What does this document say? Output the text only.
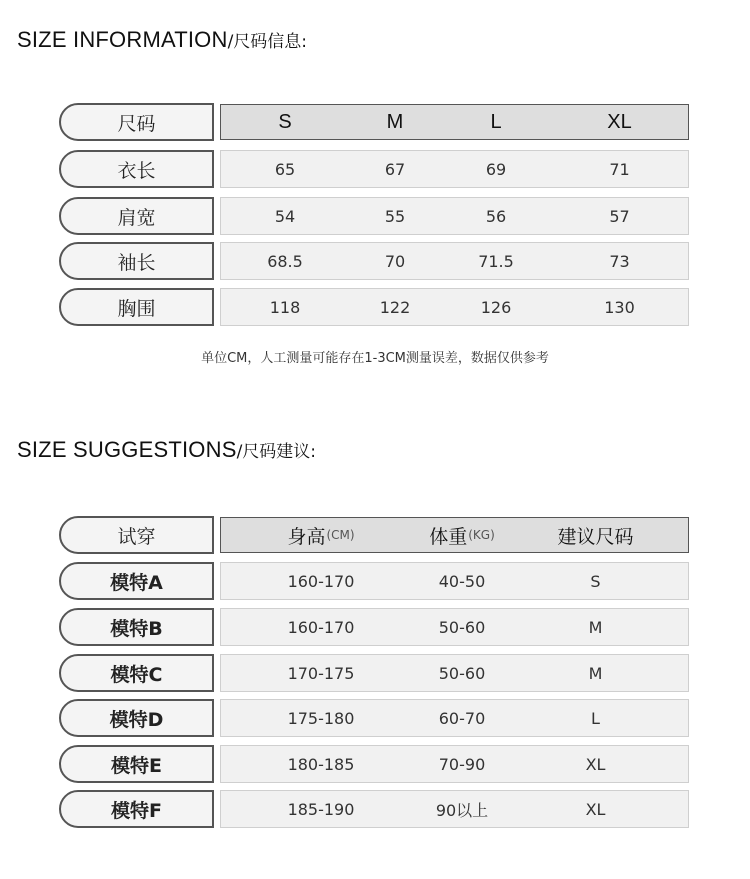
SIZE INFORMATION/尺码信息:
尺码	S	M	L	XL
衣长	65	67	69	71
肩宽	54	55	56	57
袖长	68.5	70	71.5	73
胸围	118	122	126	130
单位CM，人工测量可能存在1-3CM测量误差，数据仅供参考
SIZE SUGGESTIONS/尺码建议:
试穿	身高 (CM)	体重 (KG)	建议尺码
模特A	160-170	40-50	S
模特B	160-170	50-60	M
模特C	170-175	50-60	M
模特D	175-180	60-70	L
模特E	180-185	70-90	XL
模特F	185-190	90以上	XL
